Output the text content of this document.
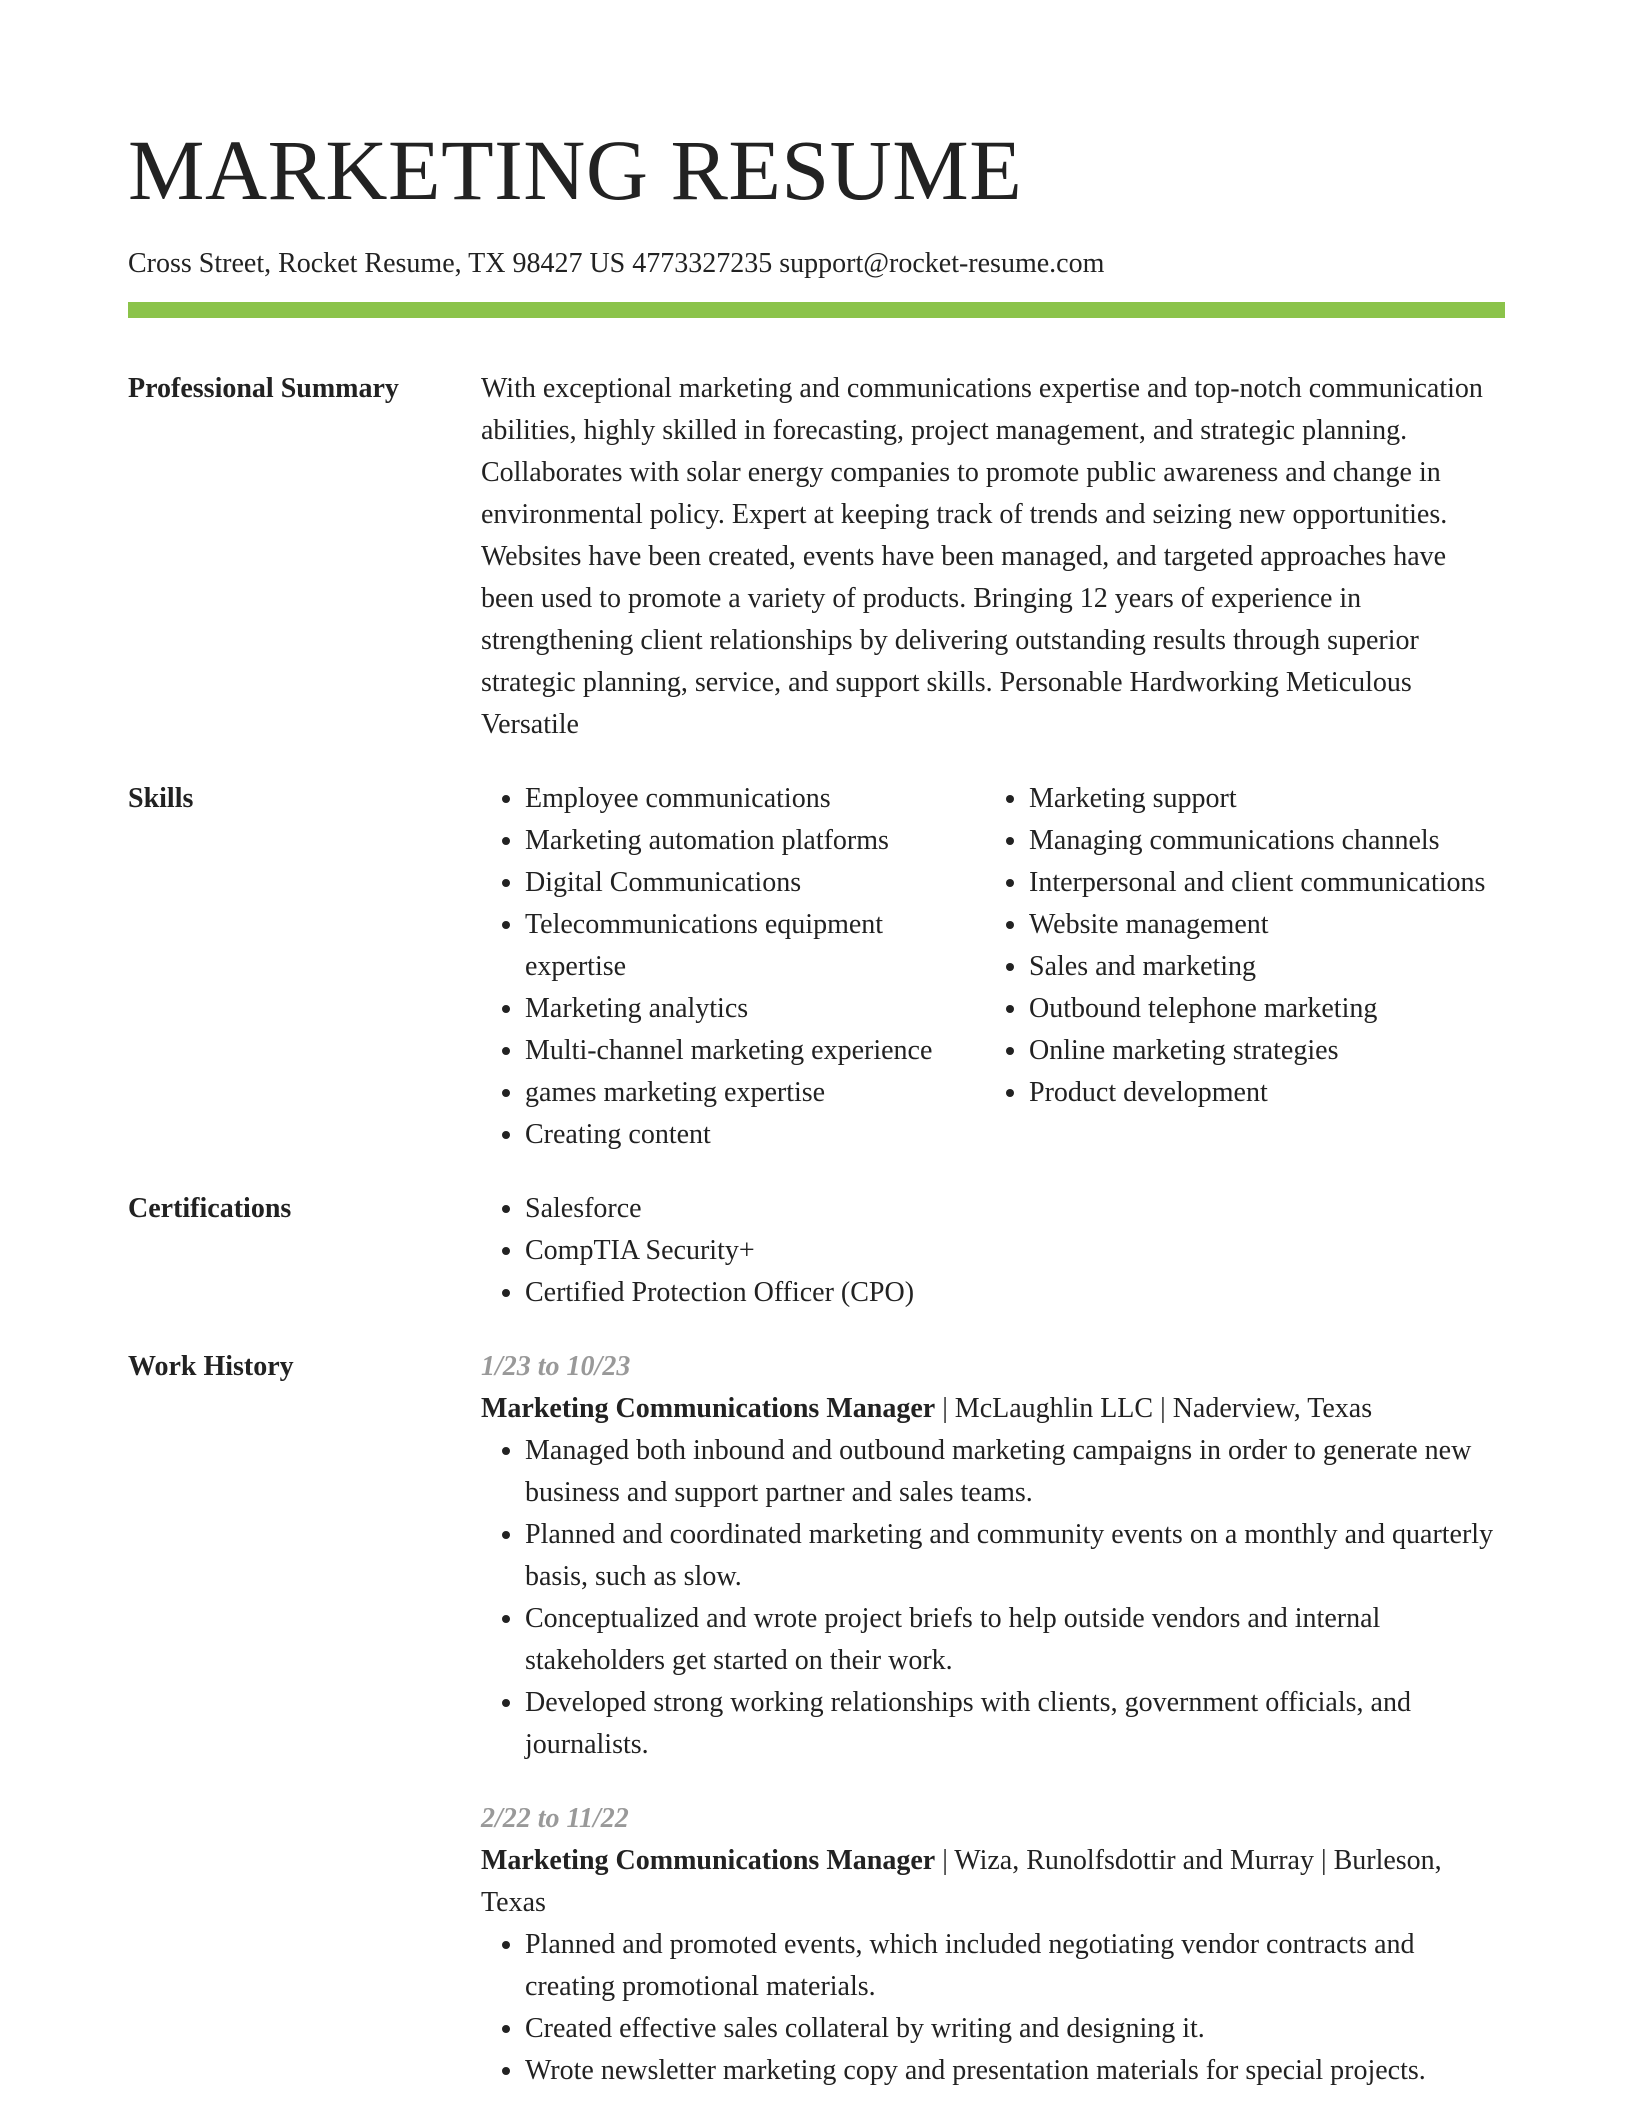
MARKETING RESUME
Cross Street, Rocket Resume, TX 98427 US 4773327235 support@rocket-resume.com
Professional Summary	With exceptional marketing and communications expertise and top-notch communication abilities, highly skilled in forecasting, project management, and strategic planning. Collaborates with solar energy companies to promote public awareness and change in environmental policy. Expert at keeping track of trends and seizing new opportunities. Websites have been created, events have been managed, and targeted approaches have been used to promote a variety of products. Bringing 12 years of experience in strengthening client relationships by delivering outstanding results through superior strategic planning, service, and support skills. Personable Hardworking Meticulous Versatile
Skills	• Employee communications
• Marketing automation platforms
• Digital Communications
• Telecommunications equipment expertise
• Marketing analytics
• Multi-channel marketing experience
• games marketing expertise
• Creating content
• Marketing support
• Managing communications channels
• Interpersonal and client communications
• Website management
• Sales and marketing
• Outbound telephone marketing
• Online marketing strategies
• Product development
Certifications	• Salesforce
• CompTIA Security+
• Certified Protection Officer (CPO)
Work History	1/23 to 10/23
Marketing Communications Manager | McLaughlin LLC | Naderview, Texas
• Managed both inbound and outbound marketing campaigns in order to generate new business and support partner and sales teams.
• Planned and coordinated marketing and community events on a monthly and quarterly basis, such as slow.
• Conceptualized and wrote project briefs to help outside vendors and internal stakeholders get started on their work.
• Developed strong working relationships with clients, government officials, and journalists.
2/22 to 11/22
Marketing Communications Manager | Wiza, Runolfsdottir and Murray | Burleson, Texas
• Planned and promoted events, which included negotiating vendor contracts and creating promotional materials.
• Created effective sales collateral by writing and designing it.
• Wrote newsletter marketing copy and presentation materials for special projects.
